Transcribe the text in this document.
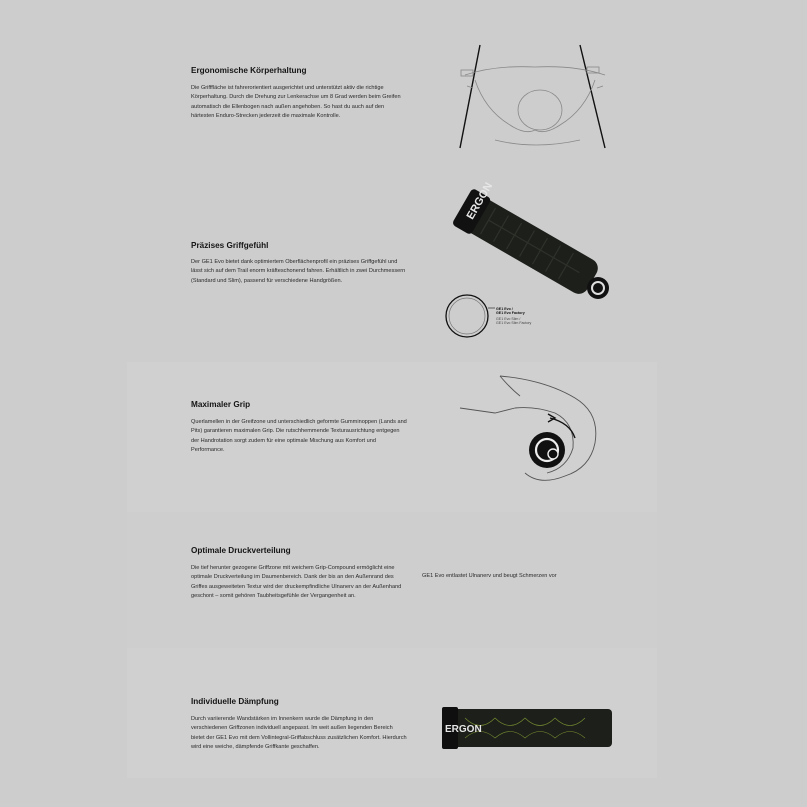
Ergonomische Körperhaltung

Die Grifffläche ist fahrerorientiert ausgerichtet und unterstützt aktiv die richtige Körperhaltung. Durch die Drehung zur Lenkerachse um 8 Grad werden beim Greifen automatisch die Ellenbogen nach außen angehoben. So hast du auch auf den härtesten Enduro-Strecken jederzeit die maximale Kontrolle.

Präzises Griffgefühl

Der GE1 Evo bietet dank optimiertem Oberflächenprofil ein präzises Griffgefühl und lässt sich auf dem Trail enorm kräfteschonend fahren. Erhältlich in zwei Durchmessern (Standard und Slim), passend für verschiedene Handgrößen.

ERGON
GE1 Evo /
GE1 Evo Factory
GE1 Evo Slim /
GE1 Evo Slim Factory
Maximaler Grip

Querlamellen in der Greifzone und unterschiedlich geformte Gumminoppen (Lands and Pits) garantieren maximalen Grip. Die rutschhemmende Texturausrichtung entgegen der Handrotation sorgt zudem für eine optimale Mischung aus Komfort und Performance.

Optimale Druckverteilung

Die tief herunter gezogene Griffzone mit weichem Grip-Compound ermöglicht eine optimale Druckverteilung im Daumenbereich. Dank der bis an den Außenrand des Griffes ausgeweiteten Textur wird der druckempfindliche Ulnanerv an der Außenhand geschont – somit gehören Taubheitsgefühle der Vergangenheit an.

GE1 Evo entlastet Ulnanerv und beugt Schmerzen vor
Individuelle Dämpfung

Durch variierende Wandstärken im Innenkern wurde die Dämpfung in den verschiedenen Griffzonen individuell angepasst. Im weit außen liegenden Bereich bietet der GE1 Evo mit dem Vollintegral-Griffabschluss zusätzlichen Komfort. Hierdurch wird eine weiche, dämpfende Griffkante geschaffen.

ERGON
